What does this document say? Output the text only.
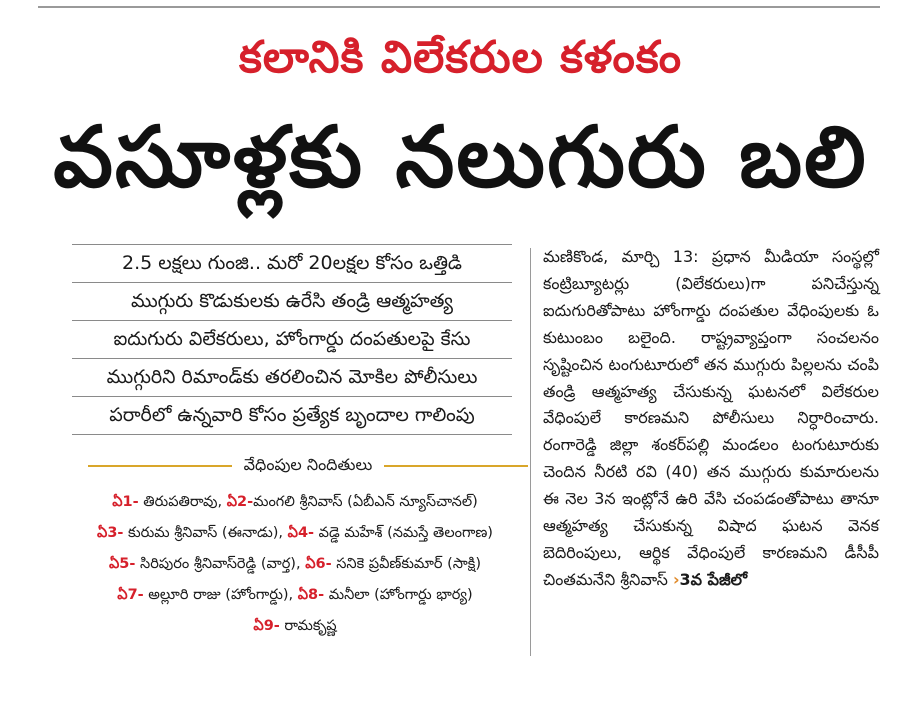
కలానికి విలేకరుల కళంకం
వసూళ్లకు నలుగురు బలి
2.5 లక్షలు గుంజి.. మరో 20లక్షల కోసం ఒత్తిడి
ముగ్గురు కొడుకులకు ఉరేసి తండ్రి ఆత్మహత్య
ఐదుగురు విలేకరులు, హోంగార్డు దంపతులపై కేసు
ముగ్గురిని రిమాండ్‌కు తరలించిన మోకిల పోలీసులు
పరారీలో ఉన్నవారి కోసం ప్రత్యేక బృందాల గాలింపు
వేధింపుల నిందితులు
ఏ1- తిరుపతిరావు, ఏ2-మంగలి శ్రీనివాస్ (ఏబీఎన్ న్యూస్‌చానల్)
ఏ3- కురుమ శ్రీనివాస్ (ఈనాడు), ఏ4- వడ్డె మహేశ్ (నమస్తే తెలంగాణ)
ఏ5- సిరిపురం శ్రీనివాస్‌రెడ్డి (వార్త), ఏ6- సనికె ప్రవీణ్‌కుమార్ (సాక్షి)
ఏ7- అల్లూరి రాజు (హోంగార్డు), ఏ8- మనీలా (హోంగార్డు భార్య)
ఏ9- రామకృష్ణ

మణికొండ, మార్చి 13: ప్రధాన మీడియా సంస్థల్లో కంట్రిబ్యూటర్లు (విలేకరులు)గా పనిచేస్తున్న ఐదుగురితోపాటు హోంగార్డు దంపతుల వేధింపులకు ఓ కుటుంబం బలైంది. రాష్ట్రవ్యాప్తంగా సంచలనం సృష్టించిన టంగుటూరులో తన ముగ్గురు పిల్లలను చంపి తండ్రి ఆత్మహత్య చేసుకున్న ఘటనలో విలేకరుల వేధింపులే కారణమని పోలీసులు నిర్ధారించారు. రంగారెడ్డి జిల్లా శంకర్‌పల్లి మండలం టంగుటూరుకు చెందిన నీరటి రవి (40) తన ముగ్గురు కుమారులను ఈ నెల 3న ఇంట్లోనే ఉరి వేసి చంపడంతోపాటు తానూ ఆత్మహత్య చేసుకున్న విషాద ఘటన వెనక బెదిరింపులు, ఆర్థిక వేధింపులే కారణమని డీసీపీ చింతమనేని శ్రీనివాస్ ›3వ పేజీలో
